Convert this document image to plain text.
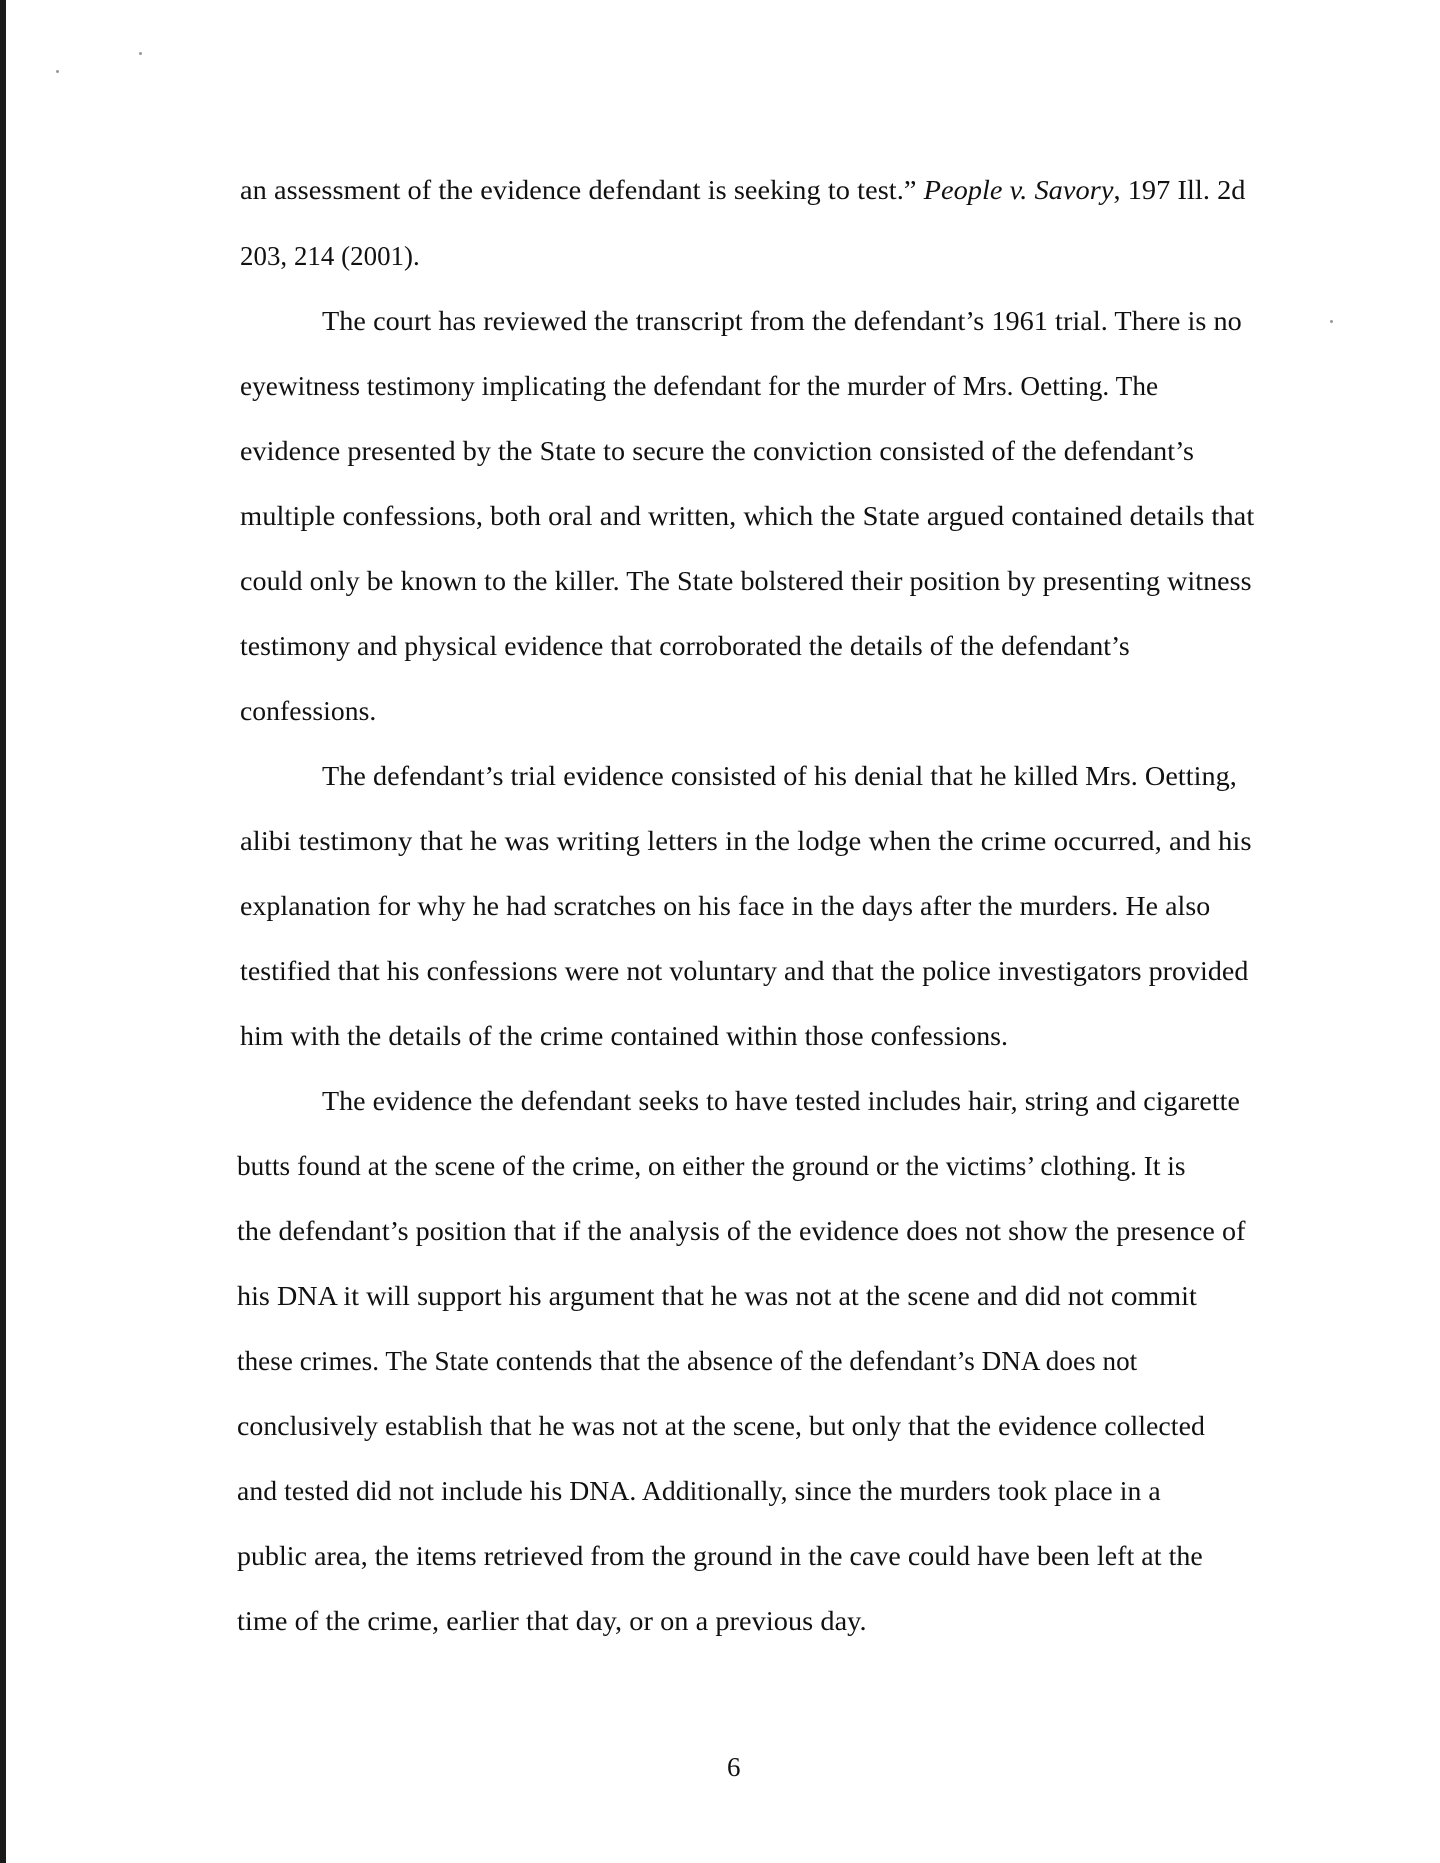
an assessment of the evidence defendant is seeking to test.” People v. Savory, 197 Ill. 2d
203, 214 (2001).
The court has reviewed the transcript from the defendant’s 1961 trial. There is no
eyewitness testimony implicating the defendant for the murder of Mrs. Oetting. The
evidence presented by the State to secure the conviction consisted of the defendant’s
multiple confessions, both oral and written, which the State argued contained details that
could only be known to the killer. The State bolstered their position by presenting witness
testimony and physical evidence that corroborated the details of the defendant’s
confessions.
The defendant’s trial evidence consisted of his denial that he killed Mrs. Oetting,
alibi testimony that he was writing letters in the lodge when the crime occurred, and his
explanation for why he had scratches on his face in the days after the murders. He also
testified that his confessions were not voluntary and that the police investigators provided
him with the details of the crime contained within those confessions.
The evidence the defendant seeks to have tested includes hair, string and cigarette
butts found at the scene of the crime, on either the ground or the victims’ clothing. It is
the defendant’s position that if the analysis of the evidence does not show the presence of
his DNA it will support his argument that he was not at the scene and did not commit
these crimes. The State contends that the absence of the defendant’s DNA does not
conclusively establish that he was not at the scene, but only that the evidence collected
and tested did not include his DNA. Additionally, since the murders took place in a
public area, the items retrieved from the ground in the cave could have been left at the
time of the crime, earlier that day, or on a previous day.
6
